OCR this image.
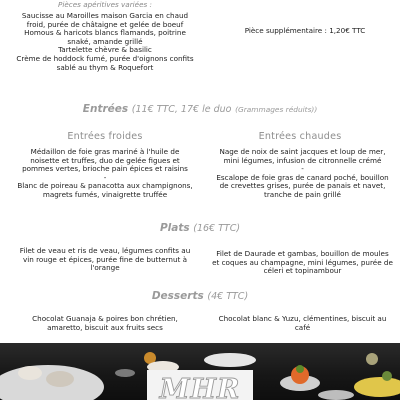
Pièces apéritives variées :
Saucisse au Maroilles maison Garcia en chaud
froid, purée de châtaigne et gelée de boeuf
Homous & haricots blancs flamands, poitrine
snaké, amande grillé
Tartelette chèvre & basilic
Crème de hoddock fumé, purée d'oignons confits
sablé au thym & Roquefort
Pièce supplémentaire : 1,20€ TTC
Entrées (11€ TTC, 17€ le duo (Grammages réduits))
Entrées froides	Entrées chaudes
Médaillon de foie gras mariné à l'huile de
noisette et truffes, duo de gelée figues et
pommes vertes, brioche pain épices et raisins
-
Blanc de poireau & panacotta aux champignons,
magrets fumés, vinaigrette truffée
Nage de noix de saint jacques et loup de mer,
mini légumes, infusion de citronnelle crémé
-
Escalope de foie gras de canard poché, bouillon
de crevettes grises, purée de panais et navet,
tranche de pain grillé
Plats (16€ TTC)
Filet de veau et ris de veau, légumes confits au
vin rouge et épices, purée fine de butternut à
l'orange
Filet de Daurade et gambas, bouillon de moules
et coques au champagne, mini légumes, purée de
céleri et topinambour
Desserts (4€ TTC)
Chocolat Guanaja & poires bon chrétien,
amaretto, biscuit aux fruits secs
Chocolat blanc & Yuzu, clémentines, biscuit au
café
MHR
